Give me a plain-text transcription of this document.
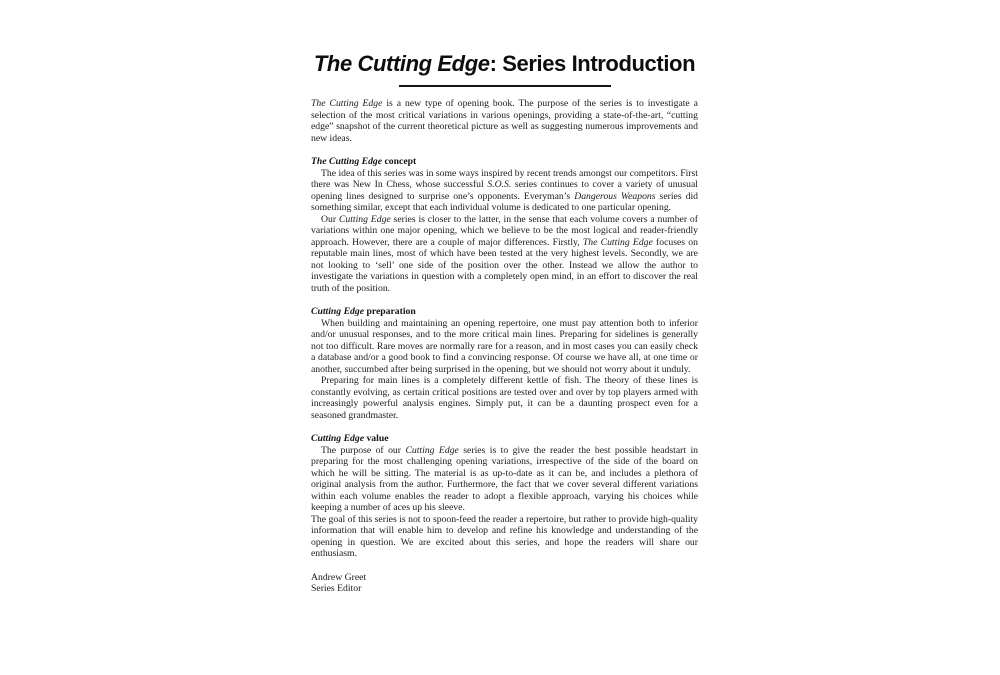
The Cutting Edge: Series Introduction

The Cutting Edge is a new type of opening book. The purpose of the series is to investigate a selection of the most critical variations in various openings, providing a state-of-the-art, “cutting edge” snapshot of the current theoretical picture as well as suggesting numerous improvements and new ideas.

The Cutting Edge concept

The idea of this series was in some ways inspired by recent trends amongst our competitors. First there was New In Chess, whose successful S.O.S. series continues to cover a variety of unusual opening lines designed to surprise one’s opponents. Everyman’s Dangerous Weapons series did something similar, except that each individual volume is dedicated to one particular opening.

Our Cutting Edge series is closer to the latter, in the sense that each volume covers a number of variations within one major opening, which we believe to be the most logical and reader-friendly approach. However, there are a couple of major differences. Firstly, The Cutting Edge focuses on reputable main lines, most of which have been tested at the very highest levels. Secondly, we are not looking to ‘sell’ one side of the position over the other. Instead we allow the author to investigate the variations in question with a completely open mind, in an effort to discover the real truth of the position.

Cutting Edge preparation

When building and maintaining an opening repertoire, one must pay attention both to inferior and/or unusual responses, and to the more critical main lines. Preparing for sidelines is generally not too difficult. Rare moves are normally rare for a reason, and in most cases you can easily check a database and/or a good book to find a convincing response. Of course we have all, at one time or another, succumbed after being surprised in the opening, but we should not worry about it unduly.

Preparing for main lines is a completely different kettle of fish. The theory of these lines is constantly evolving, as certain critical positions are tested over and over by top players armed with increasingly powerful analysis engines. Simply put, it can be a daunting prospect even for a seasoned grandmaster.

Cutting Edge value

The purpose of our Cutting Edge series is to give the reader the best possible headstart in preparing for the most challenging opening variations, irrespective of the side of the board on which he will be sitting. The material is as up-to-date as it can be, and includes a plethora of original analysis from the author. Furthermore, the fact that we cover several different variations within each volume enables the reader to adopt a flexible approach, varying his choices while keeping a number of aces up his sleeve.

The goal of this series is not to spoon-feed the reader a repertoire, but rather to provide high-quality information that will enable him to develop and refine his knowledge and understanding of the opening in question. We are excited about this series, and hope the readers will share our enthusiasm.

Andrew Greet
Series Editor
